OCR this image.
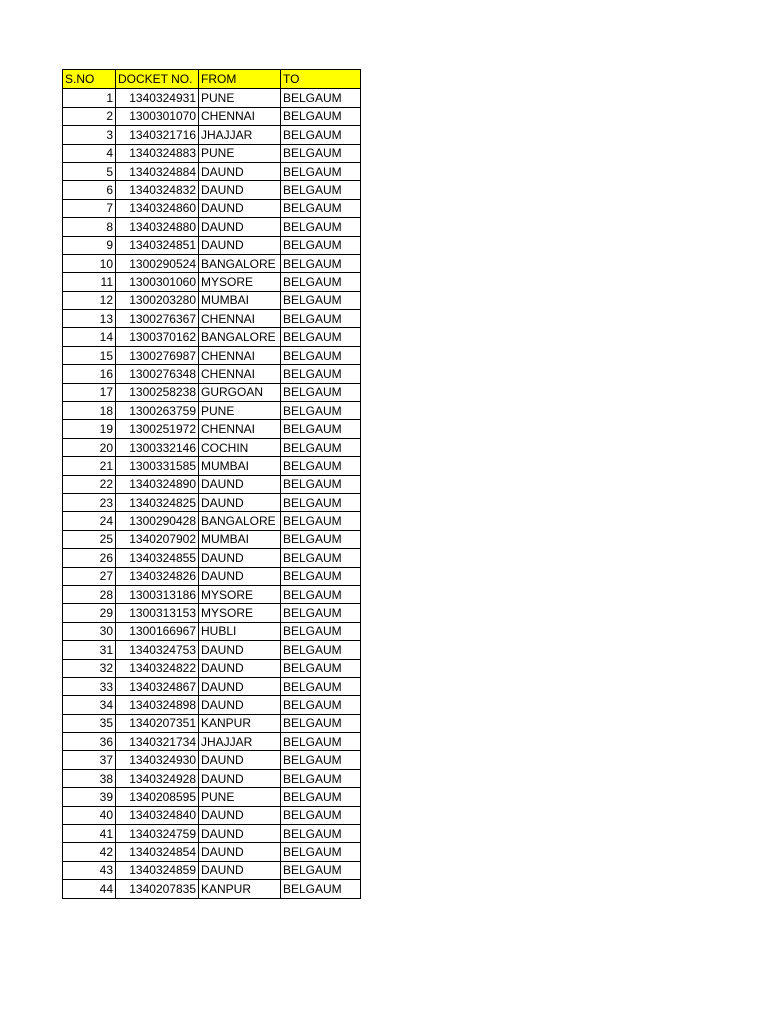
S.NO	DOCKET NO.	FROM	TO
1	1340324931	PUNE	BELGAUM
2	1300301070	CHENNAI	BELGAUM
3	1340321716	JHAJJAR	BELGAUM
4	1340324883	PUNE	BELGAUM
5	1340324884	DAUND	BELGAUM
6	1340324832	DAUND	BELGAUM
7	1340324860	DAUND	BELGAUM
8	1340324880	DAUND	BELGAUM
9	1340324851	DAUND	BELGAUM
10	1300290524	BANGALORE	BELGAUM
11	1300301060	MYSORE	BELGAUM
12	1300203280	MUMBAI	BELGAUM
13	1300276367	CHENNAI	BELGAUM
14	1300370162	BANGALORE	BELGAUM
15	1300276987	CHENNAI	BELGAUM
16	1300276348	CHENNAI	BELGAUM
17	1300258238	GURGOAN	BELGAUM
18	1300263759	PUNE	BELGAUM
19	1300251972	CHENNAI	BELGAUM
20	1300332146	COCHIN	BELGAUM
21	1300331585	MUMBAI	BELGAUM
22	1340324890	DAUND	BELGAUM
23	1340324825	DAUND	BELGAUM
24	1300290428	BANGALORE	BELGAUM
25	1340207902	MUMBAI	BELGAUM
26	1340324855	DAUND	BELGAUM
27	1340324826	DAUND	BELGAUM
28	1300313186	MYSORE	BELGAUM
29	1300313153	MYSORE	BELGAUM
30	1300166967	HUBLI	BELGAUM
31	1340324753	DAUND	BELGAUM
32	1340324822	DAUND	BELGAUM
33	1340324867	DAUND	BELGAUM
34	1340324898	DAUND	BELGAUM
35	1340207351	KANPUR	BELGAUM
36	1340321734	JHAJJAR	BELGAUM
37	1340324930	DAUND	BELGAUM
38	1340324928	DAUND	BELGAUM
39	1340208595	PUNE	BELGAUM
40	1340324840	DAUND	BELGAUM
41	1340324759	DAUND	BELGAUM
42	1340324854	DAUND	BELGAUM
43	1340324859	DAUND	BELGAUM
44	1340207835	KANPUR	BELGAUM
